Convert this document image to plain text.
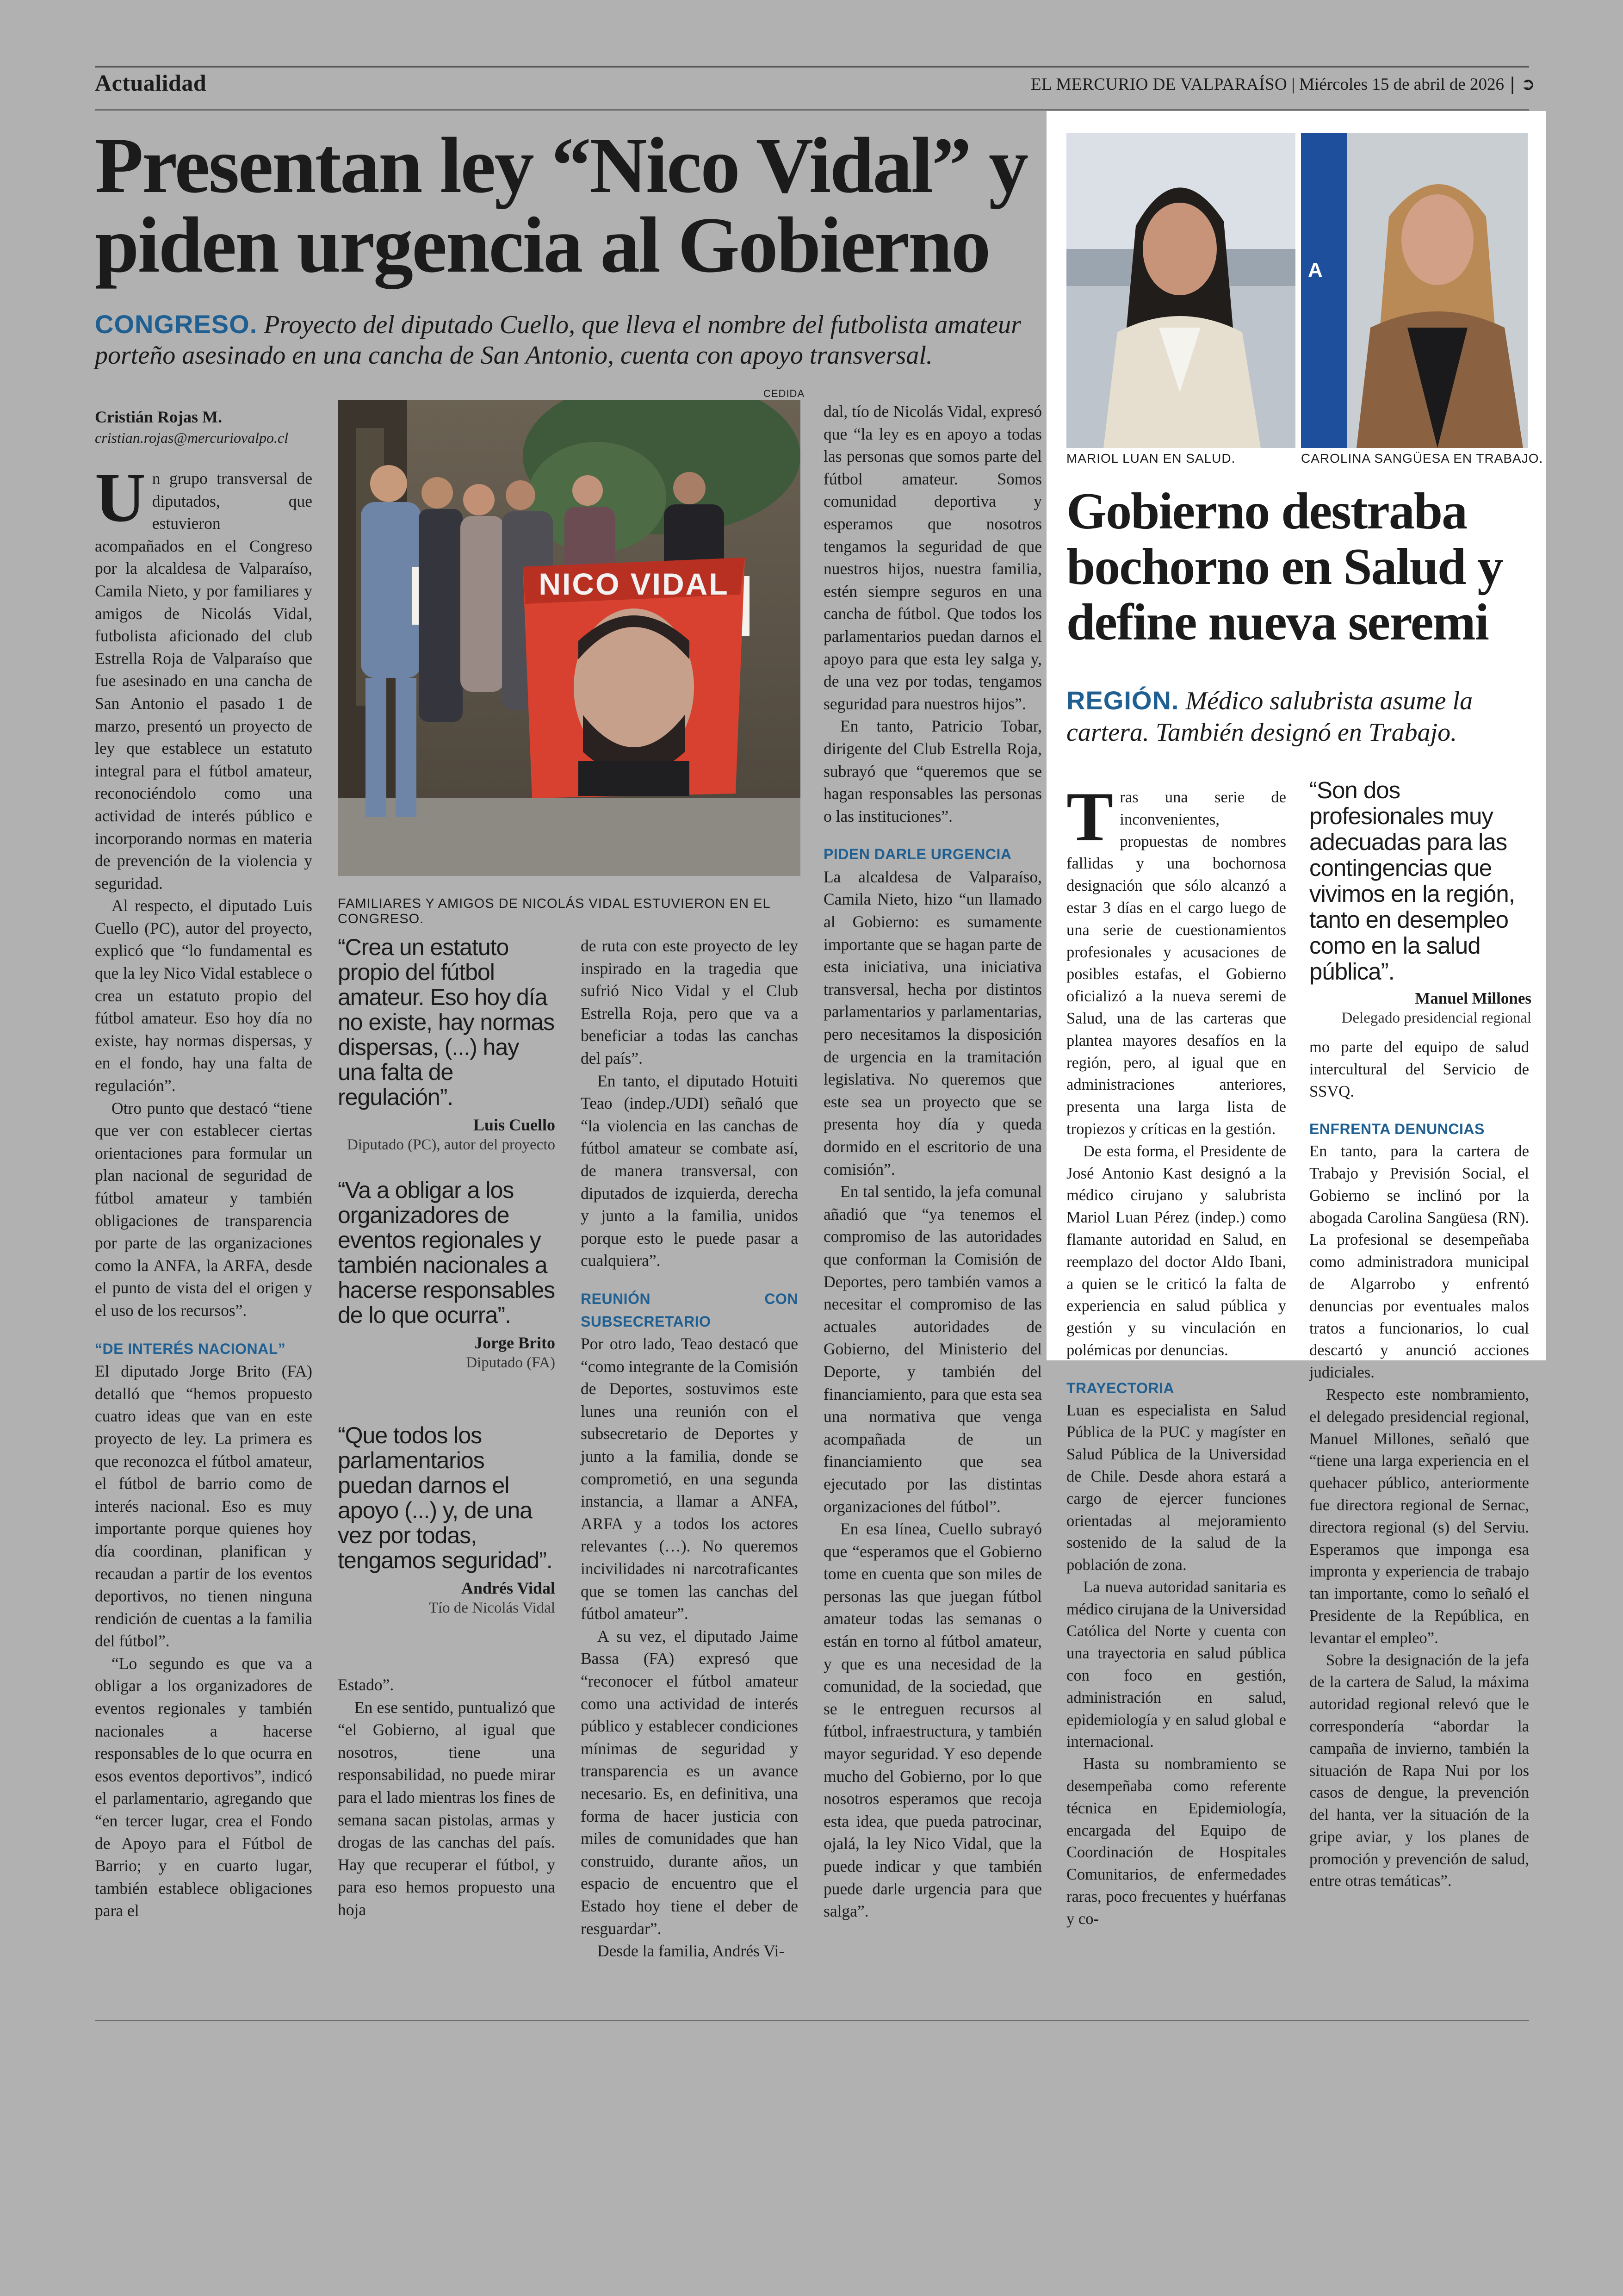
Actualidad	EL MERCURIO DE VALPARAÍSO | Miércoles 15 de abril de 2026 | ➲
Presentan ley “Nico Vidal” y piden urgencia al Gobierno
CONGRESO. Proyecto del diputado Cuello, que lleva el nombre del futbolista amateur porteño asesinado en una cancha de San Antonio, cuenta con apoyo transversal.
Cristián Rojas M.
cristian.rojas@mercuriovalpo.cl

Un grupo transversal de diputados, que estuvieron acompañados en el Congreso por la alcaldesa de Valparaíso, Camila Nieto, y por familiares y amigos de Nicolás Vidal, futbolista aficionado del club Estrella Roja de Valparaíso que fue asesinado en una cancha de San Antonio el pasado 1 de marzo, presentó un proyecto de ley que establece un estatuto integral para el fútbol amateur, reconociéndolo como una actividad de interés público e incorporando normas en materia de prevención de la violencia y seguridad.

Al respecto, el diputado Luis Cuello (PC), autor del proyecto, explicó que “lo fundamental es que la ley Nico Vidal establece o crea un estatuto propio del fútbol amateur. Eso hoy día no existe, hay normas dispersas, y en el fondo, hay una falta de regulación”.

Otro punto que destacó “tiene que ver con establecer ciertas orientaciones para formular un plan nacional de seguridad de fútbol amateur y también obligaciones de transparencia por parte de las organizaciones como la ANFA, la ARFA, desde el punto de vista del el origen y el uso de los recursos”.

“DE INTERÉS NACIONAL”

El diputado Jorge Brito (FA) detalló que “hemos propuesto cuatro ideas que van en este proyecto de ley. La primera es que reconozca el fútbol amateur, el fútbol de barrio como de interés nacional. Eso es muy importante porque quienes hoy día coordinan, planifican y recaudan a partir de los eventos deportivos, no tienen ninguna rendición de cuentas a la familia del fútbol”.

“Lo segundo es que va a obligar a los organizadores de eventos regionales y también nacionales a hacerse responsables de lo que ocurra en esos eventos deportivos”, indicó el parlamentario, agregando que “en tercer lugar, crea el Fondo de Apoyo para el Fútbol de Barrio; y en cuarto lugar, también establece obligaciones para el

CEDIDA
NICO VIDAL
FAMILIARES Y AMIGOS DE NICOLÁS VIDAL ESTUVIERON EN EL CONGRESO.
“Crea un estatuto propio del fútbol amateur. Eso hoy día no existe, hay normas dispersas, (...) hay una falta de regulación”.
Luis Cuello
Diputado (PC), autor del proyecto
“Va a obligar a los organizadores de eventos regionales y también nacionales a hacerse responsables de lo que ocurra”.
Jorge Brito
Diputado (FA)
“Que todos los parlamentarios puedan darnos el apoyo (...) y, de una vez por todas, tengamos seguridad”.
Andrés Vidal
Tío de Nicolás Vidal

Estado”.

En ese sentido, puntualizó que “el Gobierno, al igual que nosotros, tiene una responsabilidad, no puede mirar para el lado mientras los fines de semana sacan pistolas, armas y drogas de las canchas del país. Hay que recuperar el fútbol, y para eso hemos propuesto una hoja

de ruta con este proyecto de ley inspirado en la tragedia que sufrió Nico Vidal y el Club Estrella Roja, pero que va a beneficiar a todas las canchas del país”.

En tanto, el diputado Hotuiti Teao (indep./UDI) señaló que “la violencia en las canchas de fútbol amateur se combate así, de manera transversal, con diputados de izquierda, derecha y junto a la familia, unidos porque esto le puede pasar a cualquiera”.

REUNIÓN CON SUBSECRETARIO

Por otro lado, Teao destacó que “como integrante de la Comisión de Deportes, sostuvimos este lunes una reunión con el subsecretario de Deportes y junto a la familia, donde se comprometió, en una segunda instancia, a llamar a ANFA, ARFA y a todos los actores relevantes (…). No queremos incivilidades ni narcotraficantes que se tomen las canchas del fútbol amateur”.

A su vez, el diputado Jaime Bassa (FA) expresó que “reconocer el fútbol amateur como una actividad de interés público y establecer condiciones mínimas de seguridad y transparencia es un avance necesario. Es, en definitiva, una forma de hacer justicia con miles de comunidades que han construido, durante años, un espacio de encuentro que el Estado hoy tiene el deber de resguardar”.

Desde la familia, Andrés Vi-

dal, tío de Nicolás Vidal, expresó que “la ley es en apoyo a todas las personas que somos parte del fútbol amateur. Somos comunidad deportiva y esperamos que nosotros tengamos la seguridad de que nuestros hijos, nuestra familia, estén siempre seguros en una cancha de fútbol. Que todos los parlamentarios puedan darnos el apoyo para que esta ley salga y, de una vez por todas, tengamos seguridad para nuestros hijos”.

En tanto, Patricio Tobar, dirigente del Club Estrella Roja, subrayó que “queremos que se hagan responsables las personas o las instituciones”.

PIDEN DARLE URGENCIA

La alcaldesa de Valparaíso, Camila Nieto, hizo “un llamado al Gobierno: es sumamente importante que se hagan parte de esta iniciativa, una iniciativa transversal, hecha por distintos parlamentarios y parlamentarias, pero necesitamos la disposición de urgencia en la tramitación legislativa. No queremos que este sea un proyecto que se presenta hoy día y queda dormido en el escritorio de una comisión”.

En tal sentido, la jefa comunal añadió que “ya tenemos el compromiso de las autoridades que conforman la Comisión de Deportes, pero también vamos a necesitar el compromiso de las actuales autoridades de Gobierno, del Ministerio del Deporte, y también del financiamiento, para que esta sea una normativa que venga acompañada de un financiamiento que sea ejecutado por las distintas organizaciones del fútbol”.

En esa línea, Cuello subrayó que “esperamos que el Gobierno tome en cuenta que son miles de personas las que juegan fútbol amateur todas las semanas o están en torno al fútbol amateur, y que es una necesidad de la comunidad, de la sociedad, que se le entreguen recursos al fútbol, infraestructura, y también mayor seguridad. Y eso depende mucho del Gobierno, por lo que nosotros esperamos que recoja esta idea, que pueda patrocinar, ojalá, la ley Nico Vidal, que la puede indicar y que también puede darle urgencia para que salga”.

A
MARIOL LUAN EN SALUD.	CAROLINA SANGÜESA EN TRABAJO.
Gobierno destraba bochorno en Salud y define nueva seremi
REGIÓN. Médico salubrista asume la cartera. También designó en Trabajo.

Tras una serie de inconvenientes, propuestas de nombres fallidas y una bochornosa designación que sólo alcanzó a estar 3 días en el cargo luego de una serie de cuestionamientos profesionales y acusaciones de posibles estafas, el Gobierno oficializó a la nueva seremi de Salud, una de las carteras que plantea mayores desafíos en la región, pero, al igual que en administraciones anteriores, presenta una larga lista de tropiezos y críticas en la gestión.

De esta forma, el Presidente de José Antonio Kast designó a la médico cirujano y salubrista Mariol Luan Pérez (indep.) como flamante autoridad en Salud, en reemplazo del doctor Aldo Ibani, a quien se le criticó la falta de experiencia en salud pública y gestión y su vinculación en polémicas por denuncias.

TRAYECTORIA

Luan es especialista en Salud Pública de la PUC y magíster en Salud Pública de la Universidad de Chile. Desde ahora estará a cargo de ejercer funciones orientadas al mejoramiento sostenido de la salud de la población de zona.

La nueva autoridad sanitaria es médico cirujana de la Universidad Católica del Norte y cuenta con una trayectoria en salud pública con foco en gestión, administración en salud, epidemiología y en salud global e internacional.

Hasta su nombramiento se desempeñaba como referente técnica en Epidemiología, encargada del Equipo de Coordinación de Hospitales Comunitarios, de enfermedades raras, poco frecuentes y huérfanas y co-

“Son dos profesionales muy adecuadas para las contingencias que vivimos en la región, tanto en desempleo como en la salud pública”.
Manuel Millones
Delegado presidencial regional

mo parte del equipo de salud intercultural del Servicio de SSVQ.

ENFRENTA DENUNCIAS

En tanto, para la cartera de Trabajo y Previsión Social, el Gobierno se inclinó por la abogada Carolina Sangüesa (RN). La profesional se desempeñaba como administradora municipal de Algarrobo y enfrentó denuncias por eventuales malos tratos a funcionarios, lo cual descartó y anunció acciones judiciales.

Respecto este nombramiento, el delegado presidencial regional, Manuel Millones, señaló que “tiene una larga experiencia en el quehacer público, anteriormente fue directora regional de Sernac, directora regional (s) del Serviu. Esperamos que imponga esa impronta y experiencia de trabajo tan importante, como lo señaló el Presidente de la República, en levantar el empleo”.

Sobre la designación de la jefa de la cartera de Salud, la máxima autoridad regional relevó que le correspondería “abordar la campaña de invierno, también la situación de Rapa Nui por los casos de dengue, la prevención del hanta, ver la situación de la gripe aviar, y los planes de promoción y prevención de salud, entre otras temáticas”.
